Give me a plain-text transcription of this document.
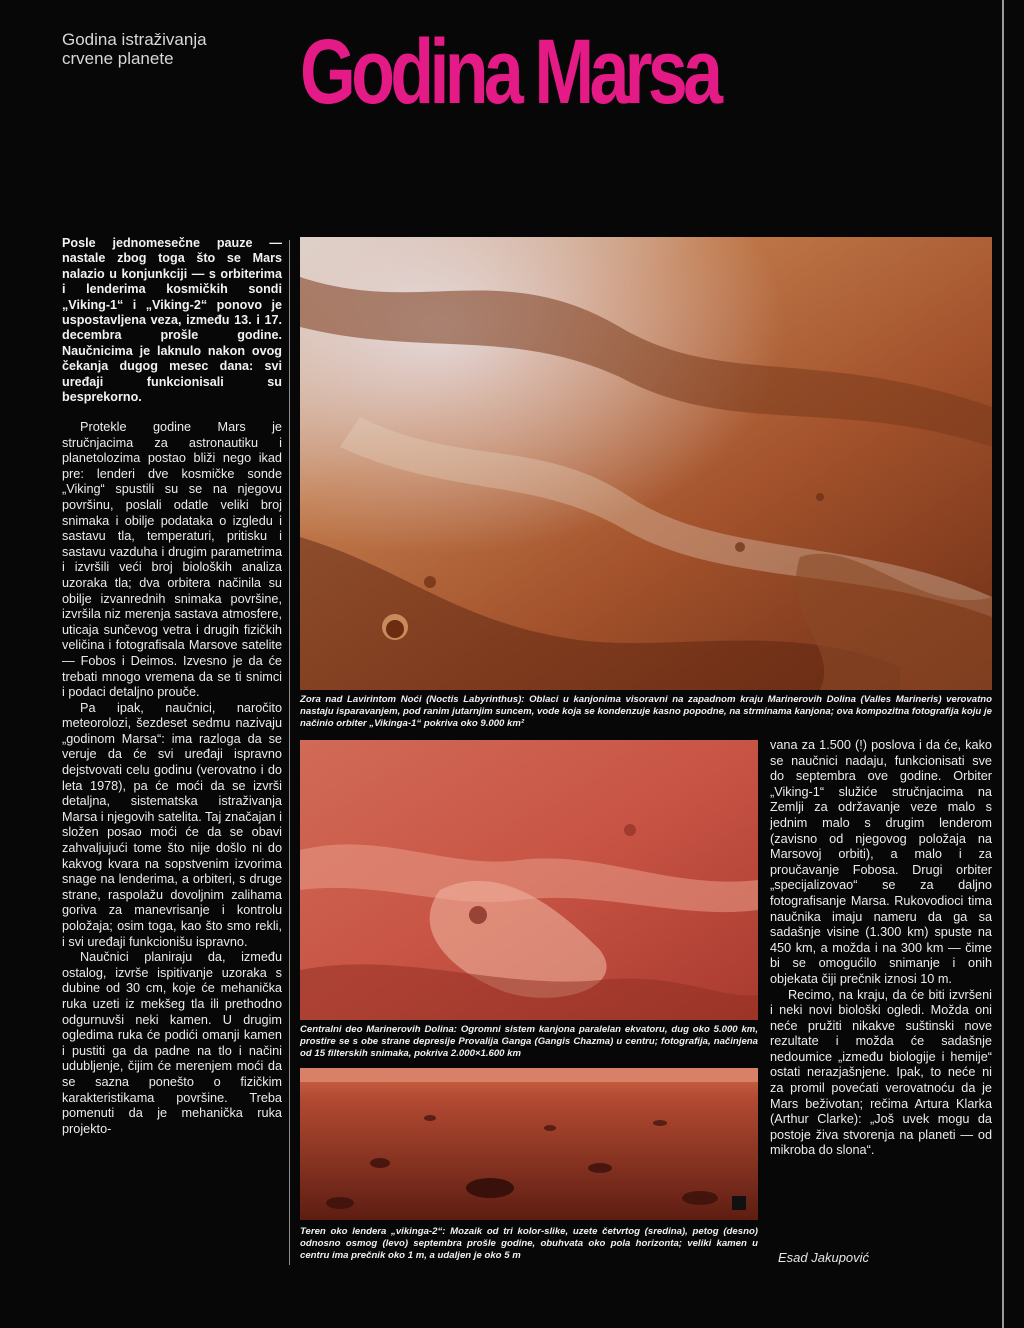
Godina istraživanja
crvene planete	Godina Marsa
Posle jednomesečne pauze — nastale zbog toga što se Mars nalazio u konjunkciji — s orbiterima i lenderima kosmičkih sondi „Viking-1“ i „Viking-2“ ponovo je uspostavljena veza, između 13. i 17. decembra prošle godine. Naučnicima je laknulo nakon ovog čekanja dugog mesec dana: svi uređaji funkcionisali su besprekorno.

Protekle godine Mars je stručnjacima za astronautiku i planetolozima postao bliži nego ikad pre: lenderi dve kosmičke sonde „Viking“ spustili su se na njegovu površinu, poslali odatle veliki broj snimaka i obilje podataka o izgledu i sastavu tla, temperaturi, pritisku i sastavu vazduha i drugim parametrima i izvršili veći broj bioloških analiza uzoraka tla; dva orbitera načinila su obilje izvanrednih snimaka površine, izvršila niz merenja sastava atmosfere, uticaja sunčevog vetra i drugih fizičkih veličina i fotografisala Marsove satelite — Fobos i Deimos. Izvesno je da će trebati mnogo vremena da se ti snimci i podaci detaljno prouče.

Pa ipak, naučnici, naročito meteorolozi, šezdeset sedmu nazivaju „godinom Marsa“: ima razloga da se veruje da će svi uređaji ispravno dejstvovati celu godinu (verovatno i do leta 1978), pa će moći da se izvrši detaljna, sistematska istraživanja Marsa i njegovih satelita. Taj značajan i složen posao moći će da se obavi zahvaljujući tome što nije došlo ni do kakvog kvara na sopstvenim izvorima snage na lenderima, a orbiteri, s druge strane, raspolažu dovoljnim zalihama goriva za manevrisanje i kontrolu položaja; osim toga, kao što smo rekli, i svi uređaji funkcionišu ispravno.

Naučnici planiraju da, između ostalog, izvrše ispitivanje uzoraka s dubine od 30 cm, koje će mehanička ruka uzeti iz mekšeg tla ili prethodno odgurnuvši neki kamen. U drugim ogledima ruka će podići omanji kamen i pustiti ga da padne na tlo i načini udubljenje, čijim će merenjem moći da se sazna ponešto o fizičkim karakteristikama površine. Treba pomenuti da je mehanička ruka projekto-

Zora nad Lavirintom Noći (Noctis Labyrinthus): Oblaci u kanjonima visoravni na zapadnom kraju Marinerovih Dolina (Valles Marineris) verovatno nastaju isparavanjem, pod ranim jutarnjim suncem, vode koja se kondenzuje kasno popodne, na strminama kanjona; ova kompozitna fotografija koju je načinio orbiter „Vikinga-1“ pokriva oko 9.000 km²
Centralni deo Marinerovih Dolina: Ogromni sistem kanjona paralelan ekvatoru, dug oko 5.000 km, prostire se s obe strane depresije Provalija Ganga (Gangis Chazma) u centru; fotografija, načinjena od 15 filterskih snimaka, pokriva 2.000×1.600 km
Teren oko lendera „vikinga-2“: Mozaik od tri kolor-slike, uzete četvrtog (sredina), petog (desno) odnosno osmog (levo) septembra prošle godine, obuhvata oko pola horizonta; veliki kamen u centru ima prečnik oko 1 m, a udaljen je oko 5 m

vana za 1.500 (!) poslova i da će, kako se naučnici nadaju, funkcionisati sve do septembra ove godine. Orbiter „Viking-1“ služiće stručnjacima na Zemlji za održavanje veze malo s jednim malo s drugim lenderom (zavisno od njegovog položaja na Marsovoj orbiti), a malo i za proučavanje Fobosa. Drugi orbiter „specijalizovao“ se za daljno fotografisanje Marsa. Rukovodioci tima naučnika imaju nameru da ga sa sadašnje visine (1.300 km) spuste na 450 km, a možda i na 300 km — čime bi se omogućilo snimanje i onih objekata čiji prečnik iznosi 10 m.

Recimo, na kraju, da će biti izvršeni i neki novi biološki ogledi. Možda oni neće pružiti nikakve suštinski nove rezultate i možda će sadašnje nedoumice „između biologije i hemije“ ostati nerazjašnjene. Ipak, to neće ni za promil povećati verovatnoću da je Mars beživotan; rečima Artura Klarka (Arthur Clarke): „Još uvek mogu da postoje živa stvorenja na planeti — od mikroba do slona“.

Esad Jakupović
